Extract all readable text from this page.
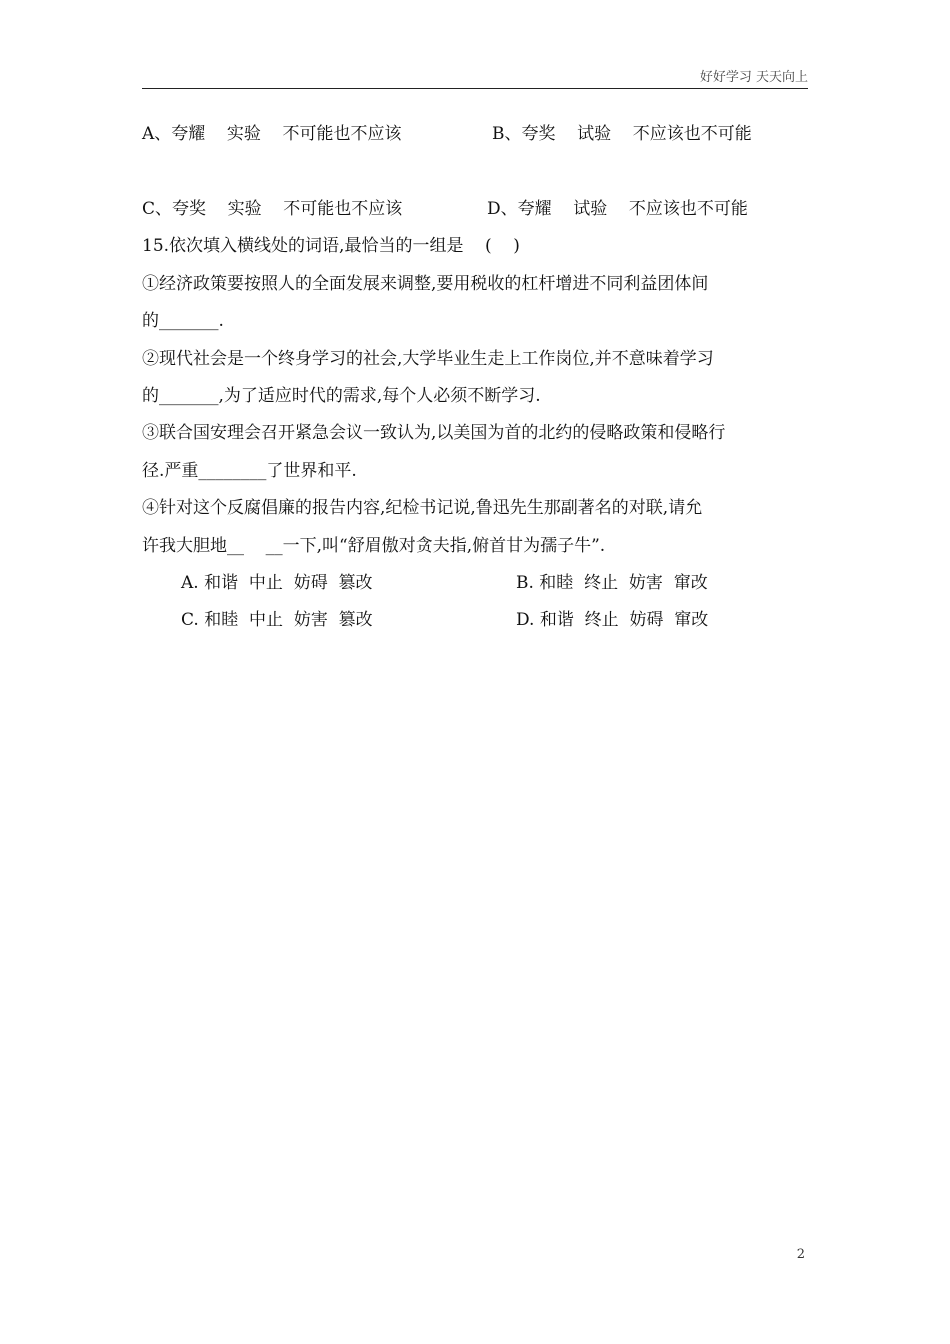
好好学习 天天向上
A、夸耀    实验    不可能也不应该	B、夸奖    试验    不应该也不可能
C、夸奖    实验    不可能也不应该	D、夸耀    试验    不应该也不可能
15.依次填入横线处的词语,最恰当的一组是    (    )
①经济政策要按照人的全面发展来调整,要用税收的杠杆增进不同利益团体间
的_______.
②现代社会是一个终身学习的社会,大学毕业生走上工作岗位,并不意味着学习
的_______,为了适应时代的需求,每个人必须不断学习.
③联合国安理会召开紧急会议一致认为,以美国为首的北约的侵略政策和侵略行
径.严重________了世界和平.
④针对这个反腐倡廉的报告内容,纪检书记说,鲁迅先生那副著名的对联,请允
许我大胆地__    __一下,叫“舒眉傲对贪夫指,俯首甘为孺子牛”.
A. 和谐  中止  妨碍  篡改	B. 和睦  终止  妨害  窜改
C. 和睦  中止  妨害  篡改	D. 和谐  终止  妨碍  窜改
2
